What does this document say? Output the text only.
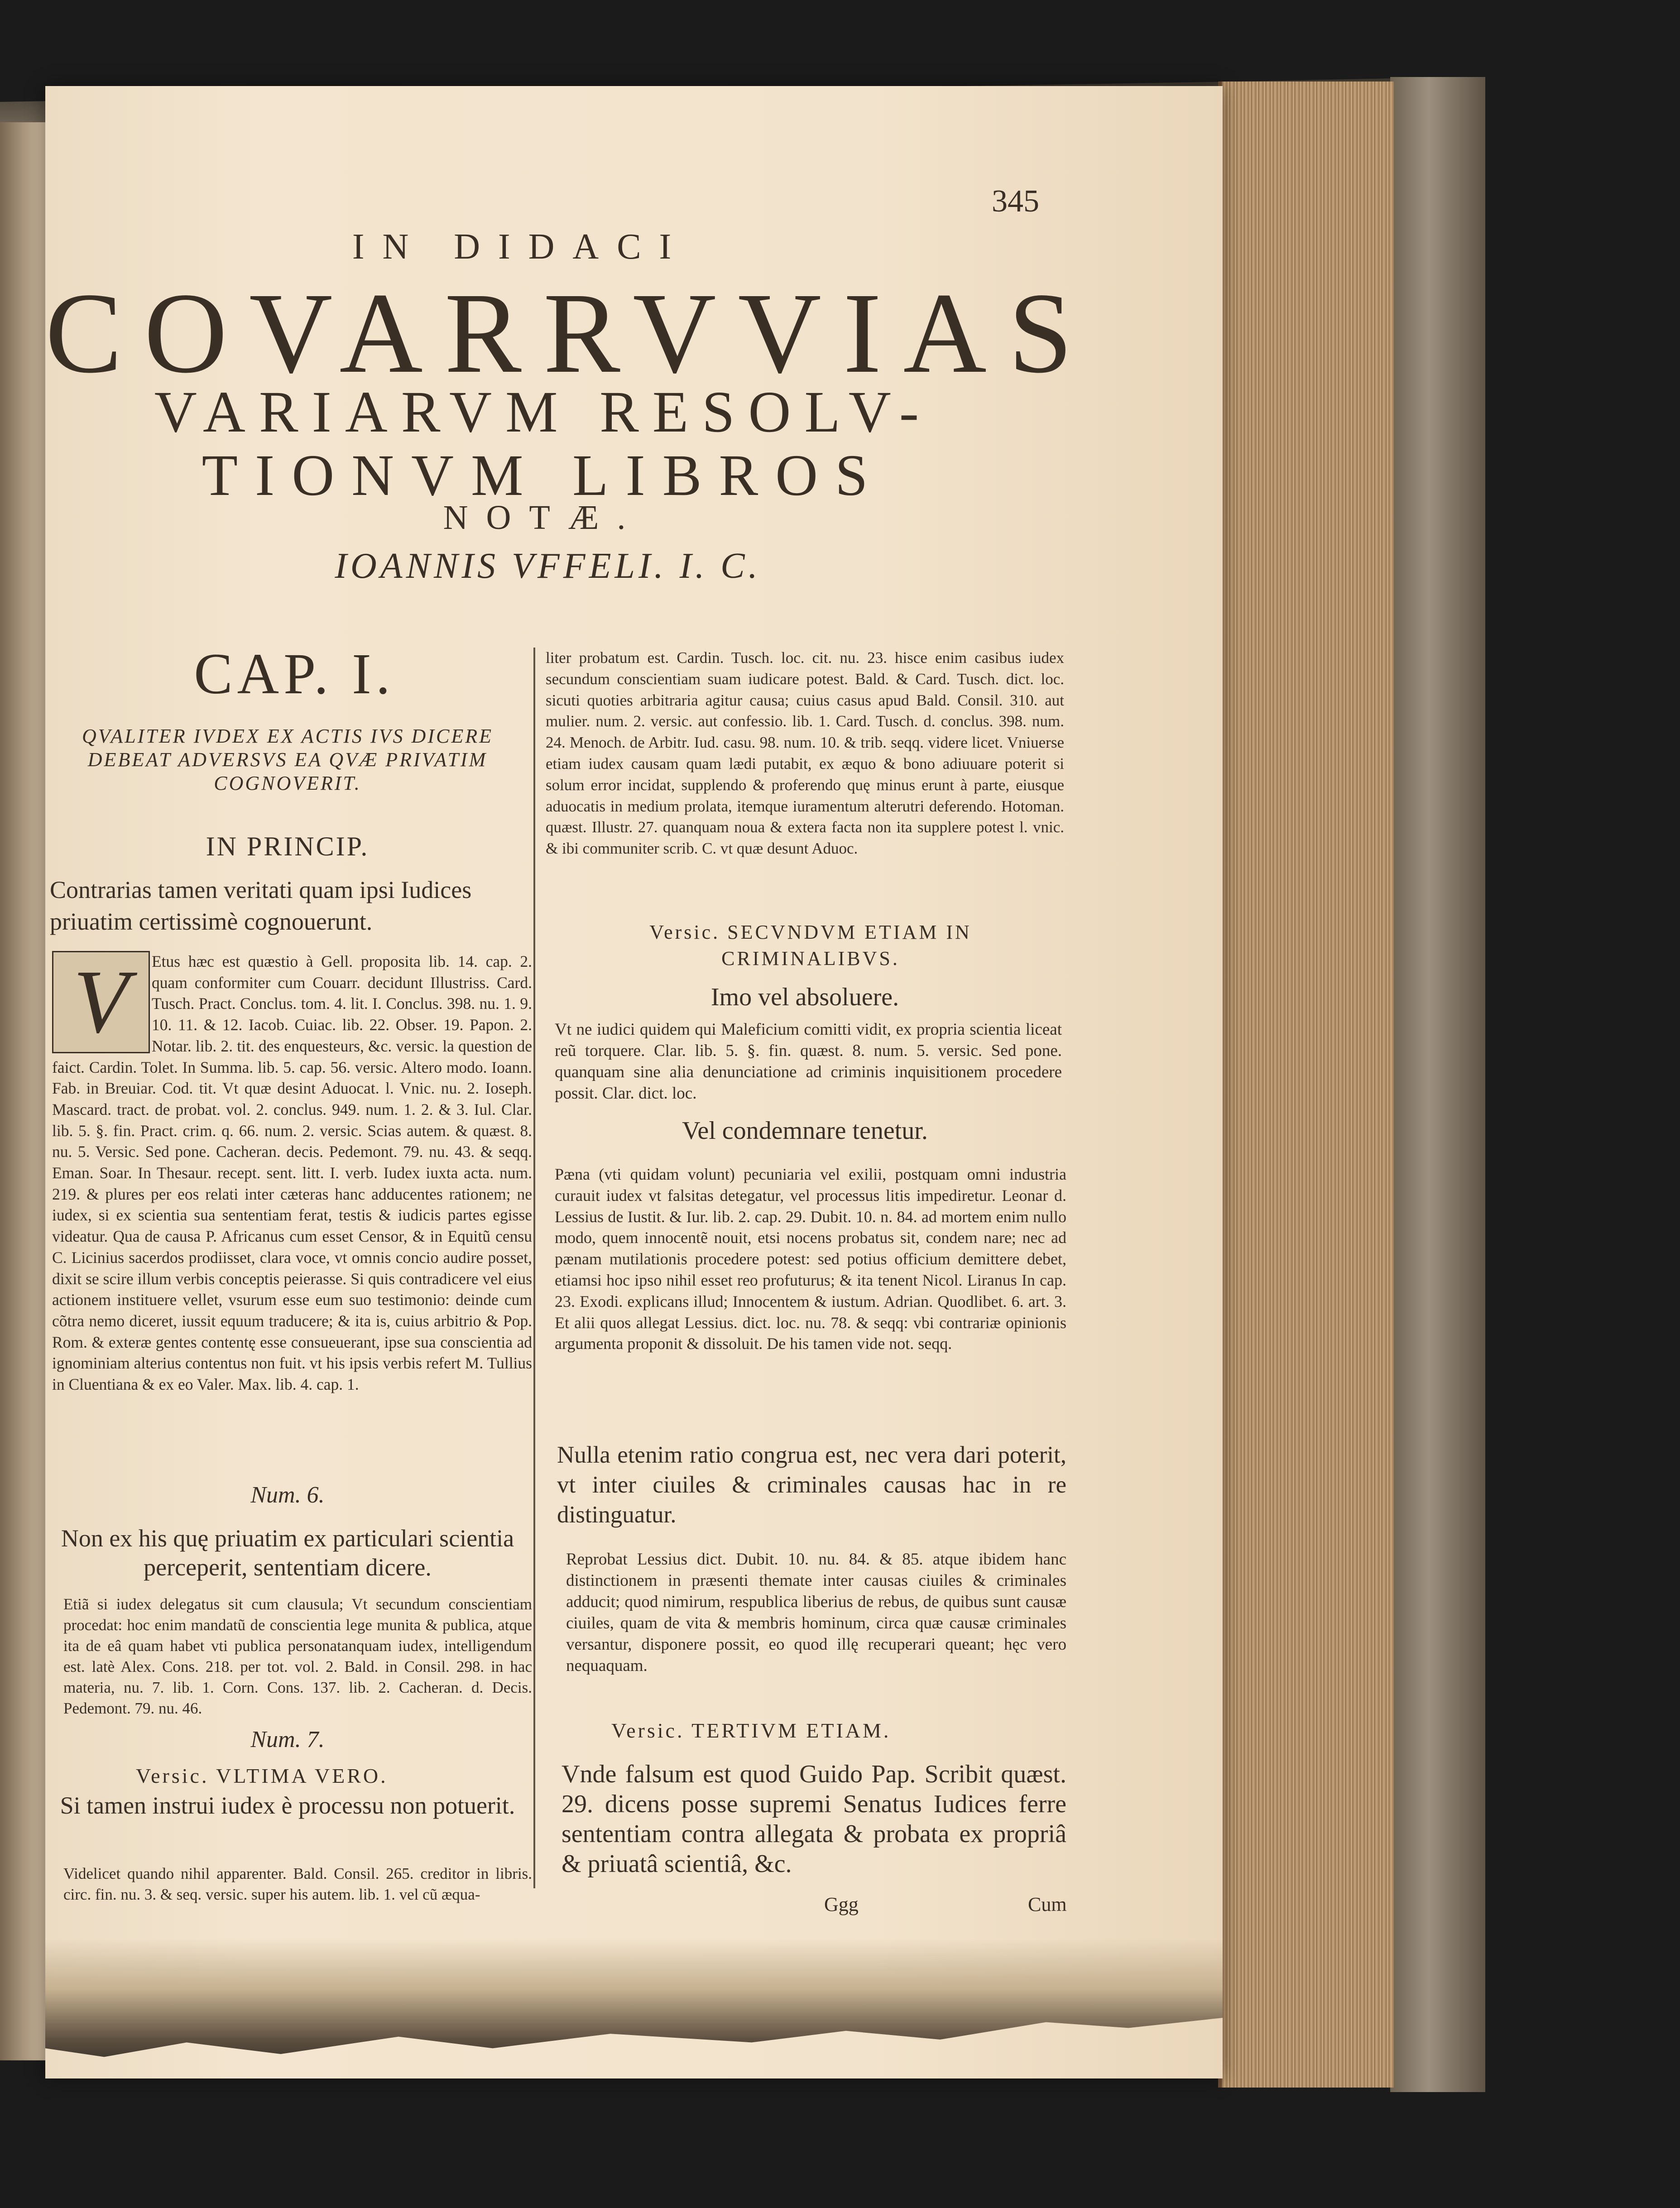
345
IN DIDACI
COVARRVVIAS
VARIARVM RESOLV-
TIONVM LIBROS
NOTÆ.
IOANNIS VFFELI. I. C.
CAP. I.
QVALITER IVDEX EX ACTIS IVS DICERE DEBEAT ADVERSVS EA QVÆ PRIVATIM COGNOVERIT.
IN PRINCIP.
Contrarias tamen veritati quam ipsi Iudices priuatim certissimè cognouerunt.
Etus hæc est quæstio à Gell. proposita lib. 14. cap. 2. quam conformiter cum Couarr. decidunt Illustriss. Card. Tusch. Pract. Conclus. tom. 4. lit. I. Conclus. 398. nu. 1. 9. 10. 11. & 12. Iacob. Cuiac. lib. 22. Obser. 19. Papon. 2. Notar. lib. 2. tit. des enquesteurs, &c. versic. la question de faict. Cardin. Tolet. In Summa. lib. 5. cap. 56. versic. Altero modo. Ioann. Fab. in Breuiar. Cod. tit. Vt quæ desint Aduocat. l. Vnic. nu. 2. Ioseph. Mascard. tract. de probat. vol. 2. conclus. 949. num. 1. 2. & 3. Iul. Clar. lib. 5. §. fin. Pract. crim. q. 66. num. 2. versic. Scias autem. & quæst. 8. nu. 5. Versic. Sed pone. Cacheran. decis. Pedemont. 79. nu. 43. & seqq. Eman. Soar. In Thesaur. recept. sent. litt. I. verb. Iudex iuxta acta. num. 219. & plures per eos relati inter cæteras hanc adducentes rationem; ne iudex, si ex scientia sua sententiam ferat, testis & iudicis partes egisse videatur. Qua de causa P. Africanus cum esset Censor, & in Equitũ censu C. Licinius sacerdos prodiisset, clara voce, vt omnis concio audire posset, dixit se scire illum verbis conceptis peierasse. Si quis contradicere vel eius actionem instituere vellet, vsurum esse eum suo testimonio: deinde cum cõtra nemo diceret, iussit equum traducere; & ita is, cuius arbitrio & Pop. Rom. & exteræ gentes contentę esse consueuerant, ipse sua conscientia ad ignominiam alterius contentus non fuit. vt his ipsis verbis refert M. Tullius in Cluentiana & ex eo Valer. Max. lib. 4. cap. 1.
V
Num. 6.
Non ex his quę priuatim ex particulari scientia perceperit, sententiam dicere.
Etiã si iudex delegatus sit cum clausula; Vt secundum conscientiam procedat: hoc enim mandatũ de conscientia lege munita & publica, atque ita de eâ quam habet vti publica personatanquam iudex, intelligendum est. latè Alex. Cons. 218. per tot. vol. 2. Bald. in Consil. 298. in hac materia, nu. 7. lib. 1. Corn. Cons. 137. lib. 2. Cacheran. d. Decis. Pedemont. 79. nu. 46.
Num. 7.
Versic. VLTIMA VERO.
Si tamen instrui iudex è processu non potuerit.
Videlicet quando nihil apparenter. Bald. Consil. 265. creditor in libris. circ. fin. nu. 3. & seq. versic. super his autem. lib. 1. vel cũ æqua-
liter probatum est. Cardin. Tusch. loc. cit. nu. 23. hisce enim casibus iudex secundum conscientiam suam iudicare potest. Bald. & Card. Tusch. dict. loc. sicuti quoties arbitraria agitur causa; cuius casus apud Bald. Consil. 310. aut mulier. num. 2. versic. aut confessio. lib. 1. Card. Tusch. d. conclus. 398. num. 24. Menoch. de Arbitr. Iud. casu. 98. num. 10. & trib. seqq. videre licet. Vniuerse etiam iudex causam quam lædi putabit, ex æquo & bono adiuuare poterit si solum error incidat, supplendo & proferendo quę minus erunt à parte, eiusque aduocatis in medium prolata, itemque iuramentum alterutri deferendo. Hotoman. quæst. Illustr. 27. quanquam noua & extera facta non ita supplere potest l. vnic. & ibi communiter scrib. C. vt quæ desunt Aduoc.
Versic. SECVNDVM ETIAM IN CRIMINALIBVS.
Imo vel absoluere.
Vt ne iudici quidem qui Maleficium comitti vidit, ex propria scientia liceat reũ torquere. Clar. lib. 5. §. fin. quæst. 8. num. 5. versic. Sed pone. quanquam sine alia denunciatione ad criminis inquisitionem procedere possit. Clar. dict. loc.
Vel condemnare tenetur.
Pæna (vti quidam volunt) pecuniaria vel exilii, postquam omni industria curauit iudex vt falsitas detegatur, vel processus litis impediretur. Leonar d. Lessius de Iustit. & Iur. lib. 2. cap. 29. Dubit. 10. n. 84. ad mortem enim nullo modo, quem innocentẽ nouit, etsi nocens probatus sit, condem nare; nec ad pænam mutilationis procedere potest: sed potius officium demittere debet, etiamsi hoc ipso nihil esset reo profuturus; & ita tenent Nicol. Liranus In cap. 23. Exodi. explicans illud; Innocentem & iustum. Adrian. Quodlibet. 6. art. 3. Et alii quos allegat Lessius. dict. loc. nu. 78. & seqq: vbi contrariæ opinionis argumenta proponit & dissoluit. De his tamen vide not. seqq.
Nulla etenim ratio congrua est, nec vera dari poterit, vt inter ciuiles & criminales causas hac in re distinguatur.
Reprobat Lessius dict. Dubit. 10. nu. 84. & 85. atque ibidem hanc distinctionem in præsenti themate inter causas ciuiles & criminales adducit; quod nimirum, respublica liberius de rebus, de quibus sunt causæ ciuiles, quam de vita & membris hominum, circa quæ causæ criminales versantur, disponere possit, eo quod illę recuperari queant; hęc vero nequaquam.
Versic. TERTIVM ETIAM.
Vnde falsum est quod Guido Pap. Scribit quæst. 29. dicens posse supremi Senatus Iudices ferre sententiam contra allegata & probata ex propriâ & priuatâ scientiâ, &c.
Ggg	Cum
